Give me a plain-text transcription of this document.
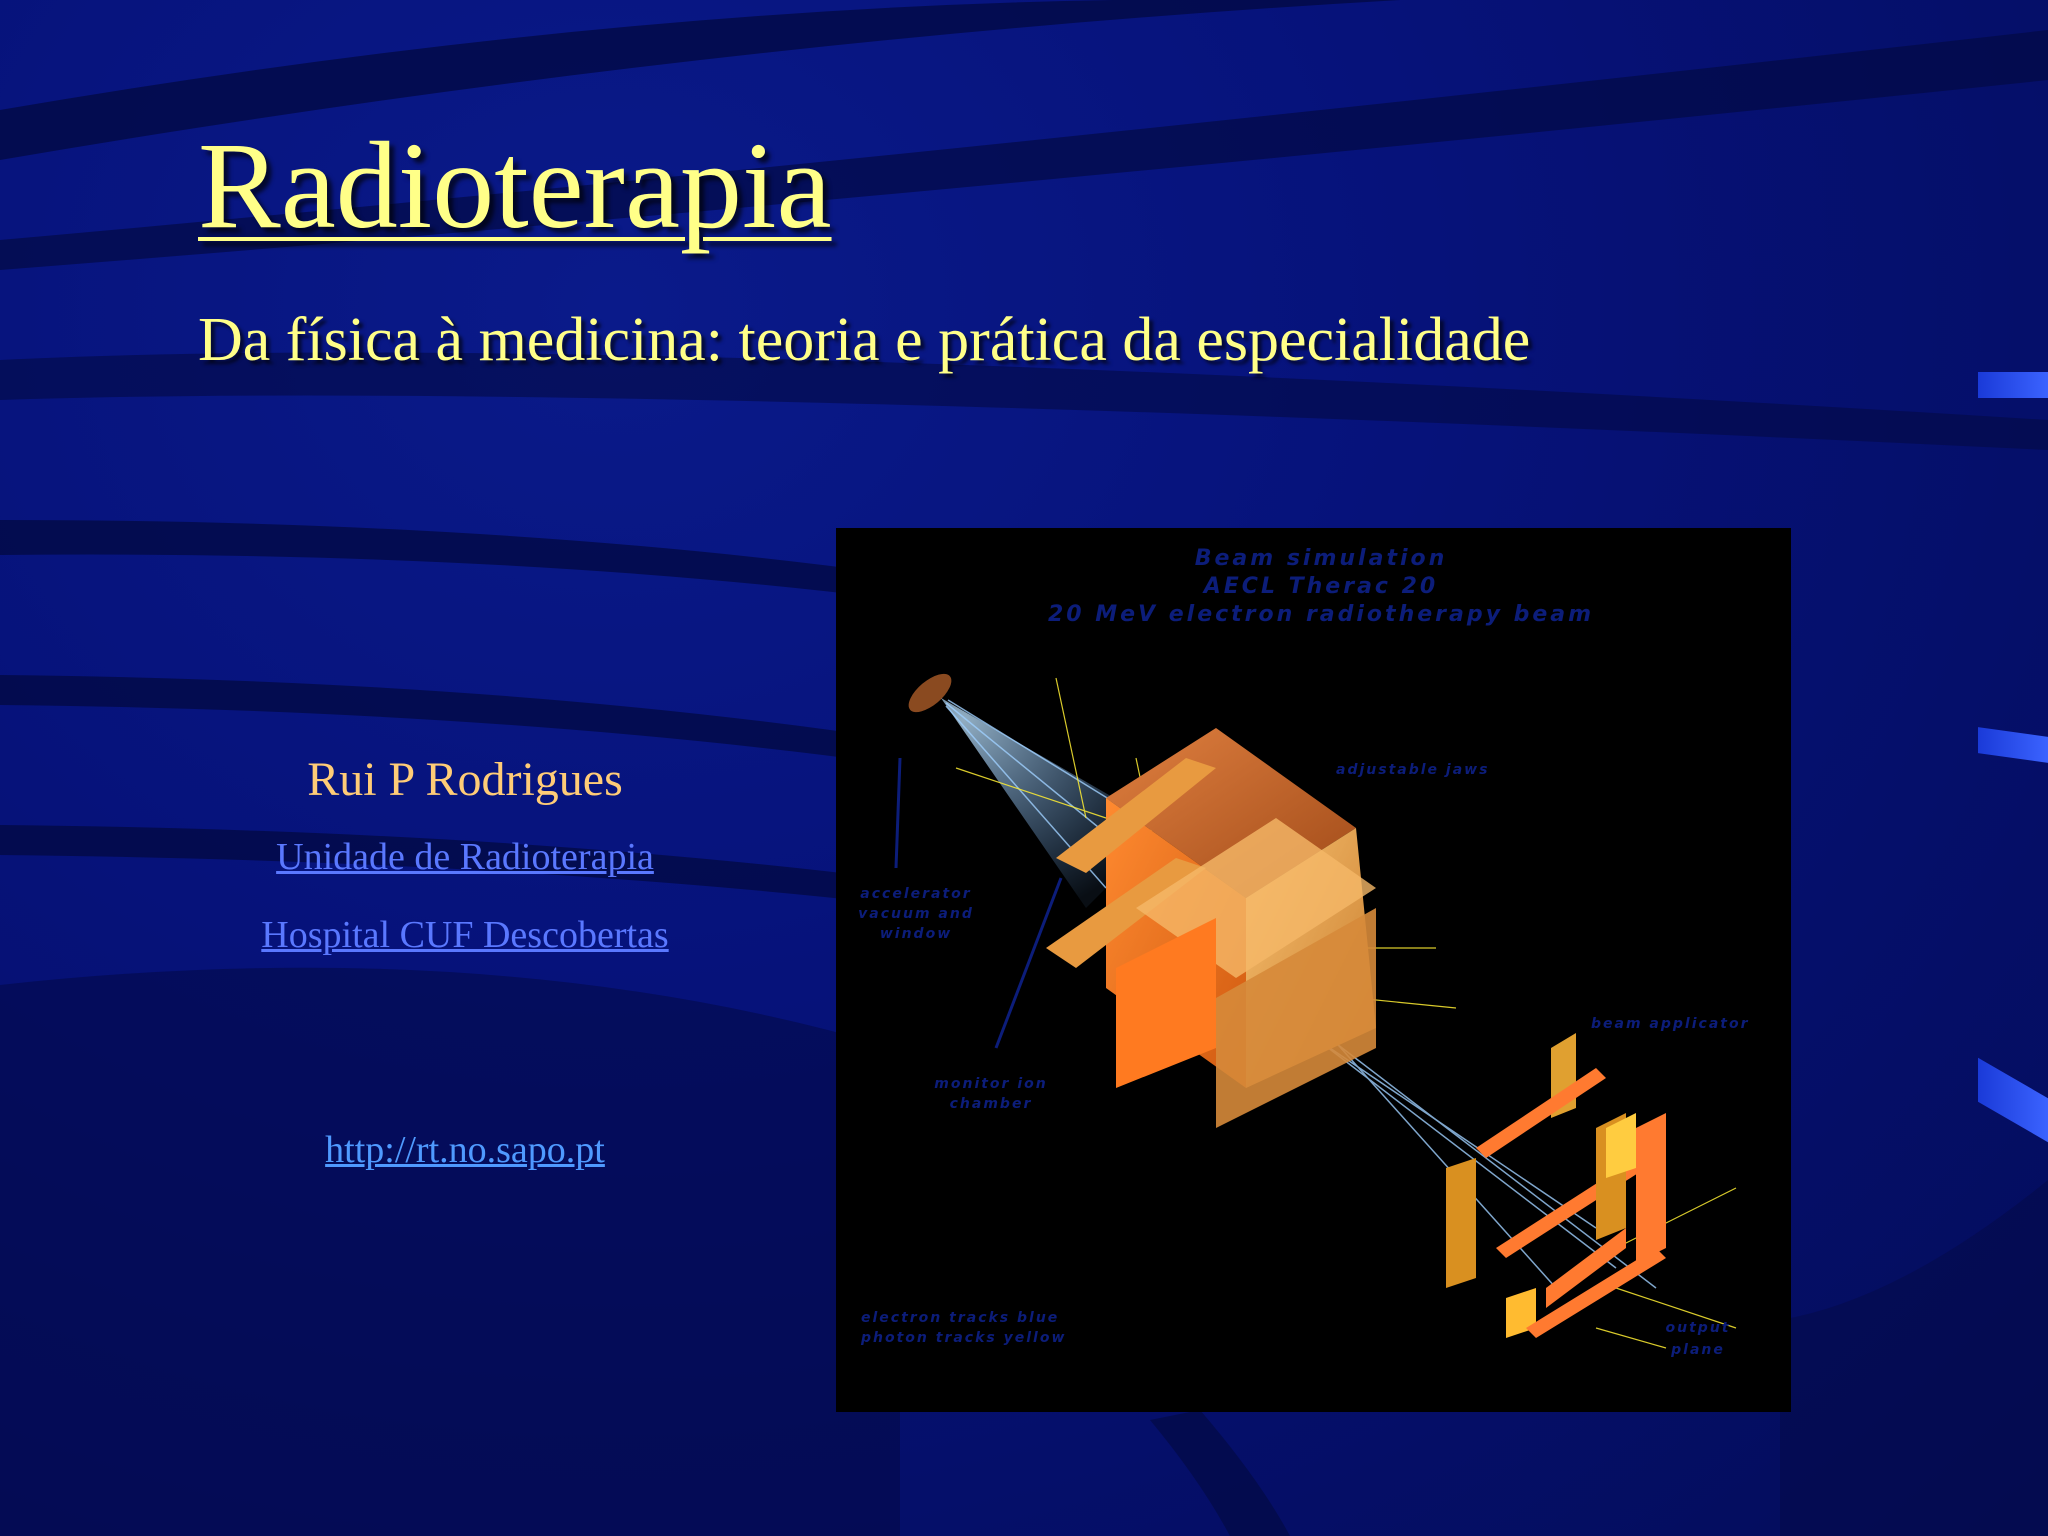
Radioterapia
Da física à medicina: teoria e prática da especialidade
Rui P Rodrigues
Unidade de Radioterapia
Hospital CUF Descobertas
http://rt.no.sapo.pt
Beam simulation
AECL Therac 20
20 MeV electron radiotherapy beam
adjustable jaws
accelerator
vacuum and
window
monitor ion
chamber
beam applicator
electron tracks blue
photon tracks yellow
output
plane
